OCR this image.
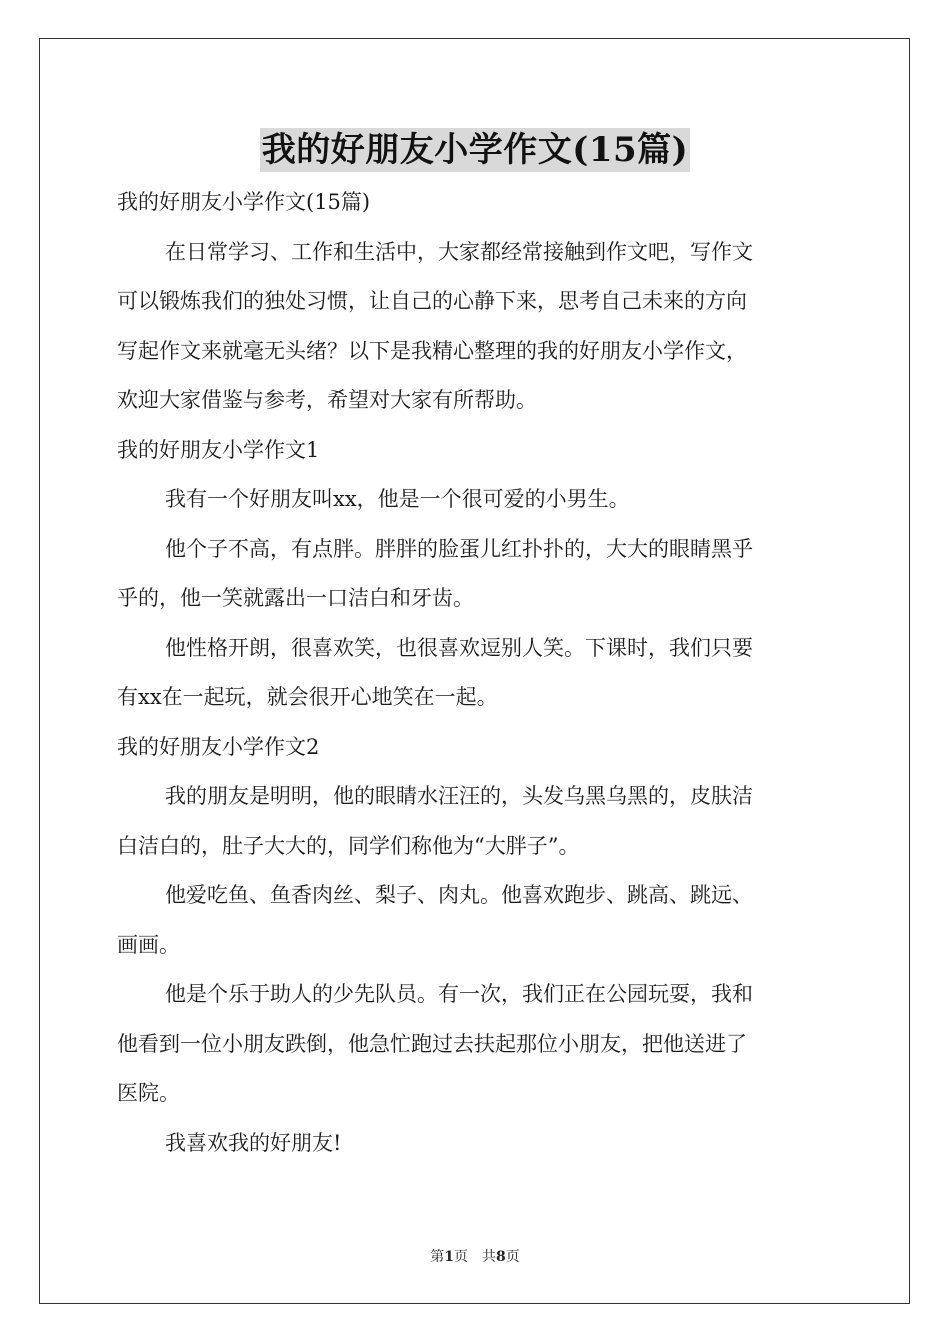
我的好朋友小学作文(15篇)
我的好朋友小学作文(15篇)
在日常学习、工作和生活中，大家都经常接触到作文吧，写作文
可以锻炼我们的独处习惯，让自己的心静下来，思考自己未来的方向
写起作文来就毫无头绪？以下是我精心整理的我的好朋友小学作文，
欢迎大家借鉴与参考，希望对大家有所帮助。
我的好朋友小学作文1
我有一个好朋友叫xx，他是一个很可爱的小男生。
他个子不高，有点胖。胖胖的脸蛋儿红扑扑的，大大的眼睛黑乎
乎的，他一笑就露出一口洁白和牙齿。
他性格开朗，很喜欢笑，也很喜欢逗别人笑。下课时，我们只要
有xx在一起玩，就会很开心地笑在一起。
我的好朋友小学作文2
我的朋友是明明，他的眼睛水汪汪的，头发乌黑乌黑的，皮肤洁
白洁白的，肚子大大的，同学们称他为“大胖子”。
他爱吃鱼、鱼香肉丝、梨子、肉丸。他喜欢跑步、跳高、跳远、
画画。
他是个乐于助人的少先队员。有一次，我们正在公园玩耍，我和
他看到一位小朋友跌倒，他急忙跑过去扶起那位小朋友，把他送进了
医院。
我喜欢我的好朋友!
第1页 共8页
